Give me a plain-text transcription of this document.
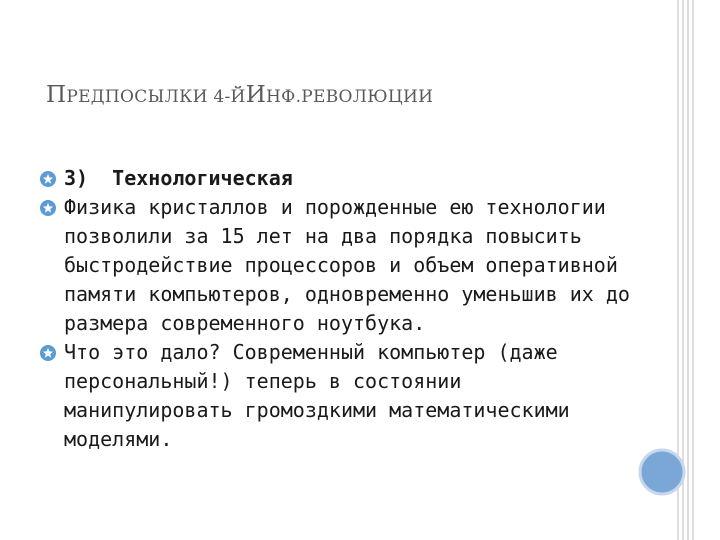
ПРЕДПОСЫЛКИ 4-ЙИНФ.РЕВОЛЮЦИИ
3)  Технологическая
Физика кристаллов и порожденные ею технологии позволили за 15 лет на два порядка повысить быстродействие процессоров и объем оперативной памяти компьютеров, одновременно уменьшив их до размера современного ноутбука.
Что это дало? Современный компьютер (даже персональный!) теперь в состоянии манипулировать громоздкими математическими моделями.
